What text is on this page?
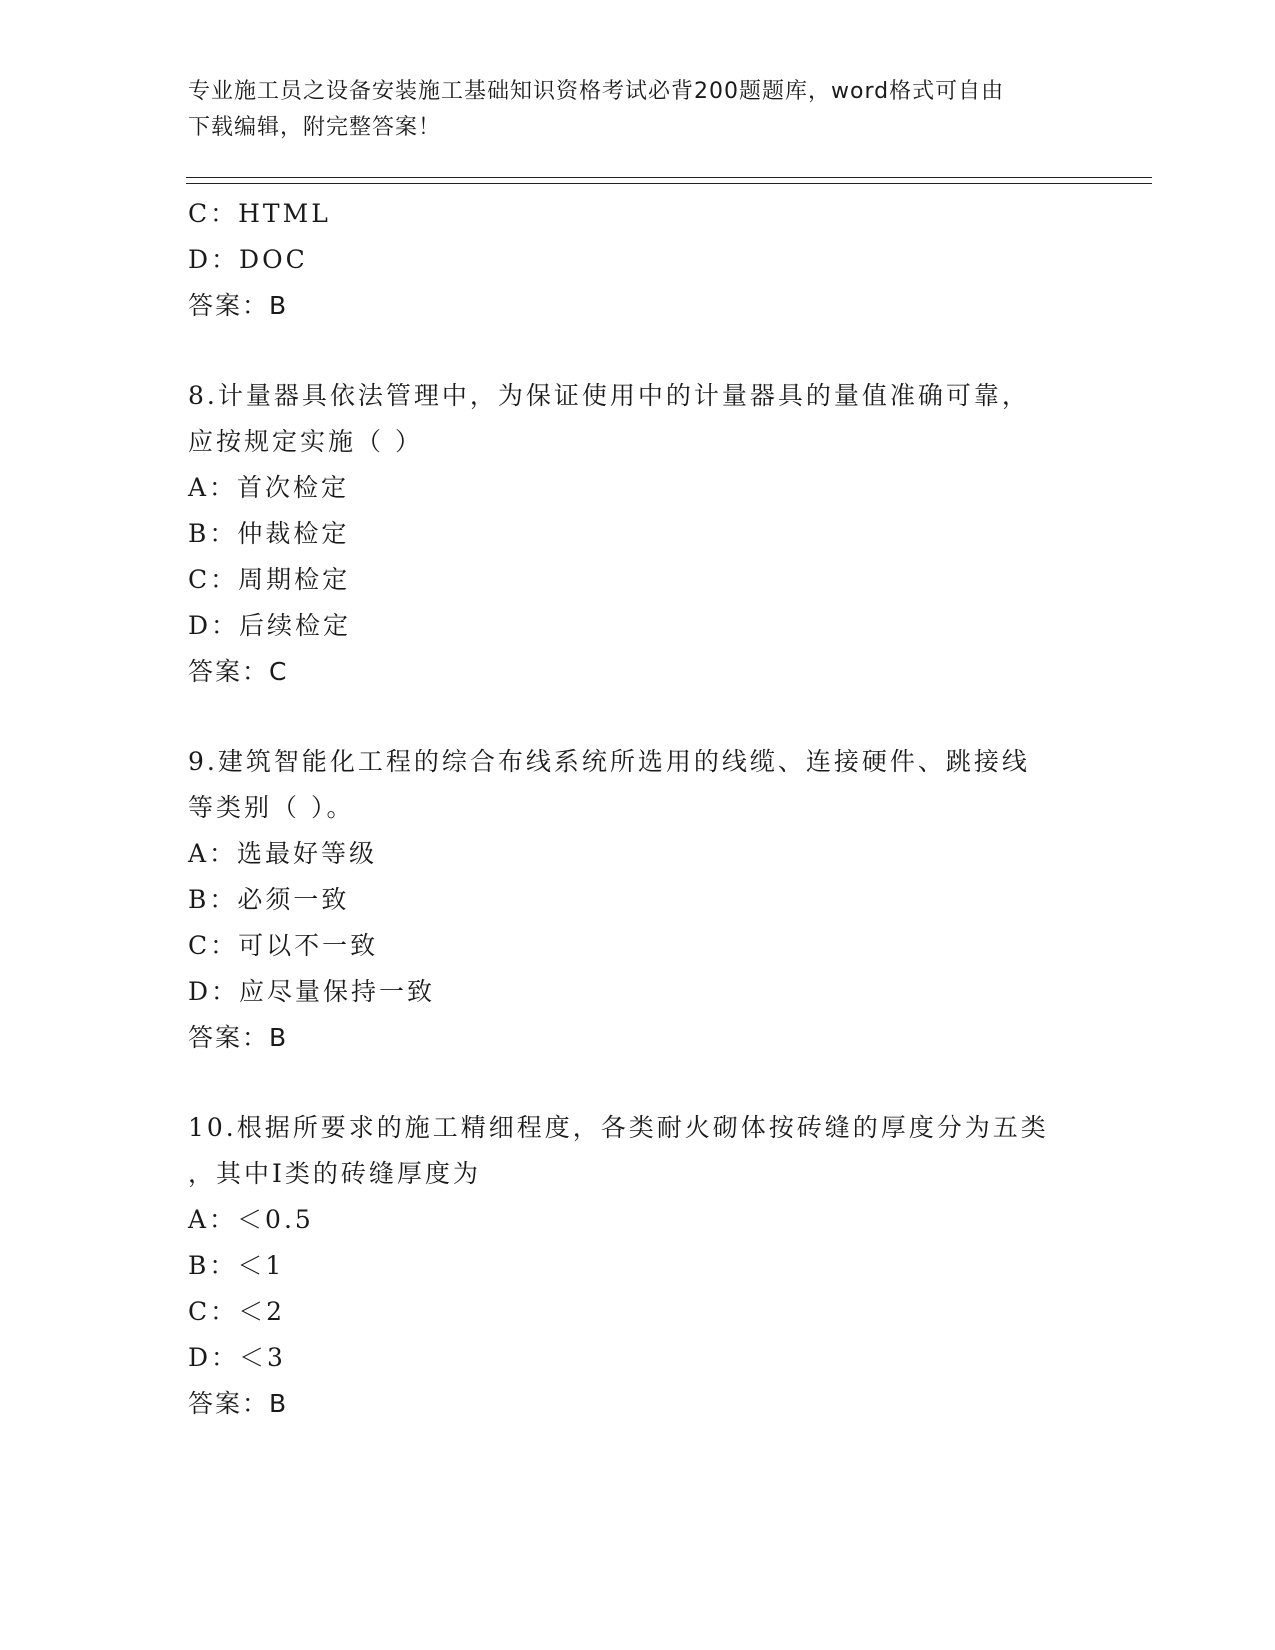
专业施工员之设备安装施工基础知识资格考试必背200题题库，word格式可自由
下载编辑，附完整答案！
C：HTML
D：DOC
答案：B
8.计量器具依法管理中，为保证使用中的计量器具的量值准确可靠，
应按规定实施（ ）
A：首次检定
B：仲裁检定
C：周期检定
D：后续检定
答案：C
9.建筑智能化工程的综合布线系统所选用的线缆、连接硬件、跳接线
等类别（ ）。
A：选最好等级
B：必须一致
C：可以不一致
D：应尽量保持一致
答案：B
10.根据所要求的施工精细程度，各类耐火砌体按砖缝的厚度分为五类
，其中Ⅰ类的砖缝厚度为
A：＜0.5
B：＜1
C：＜2
D：＜3
答案：B
